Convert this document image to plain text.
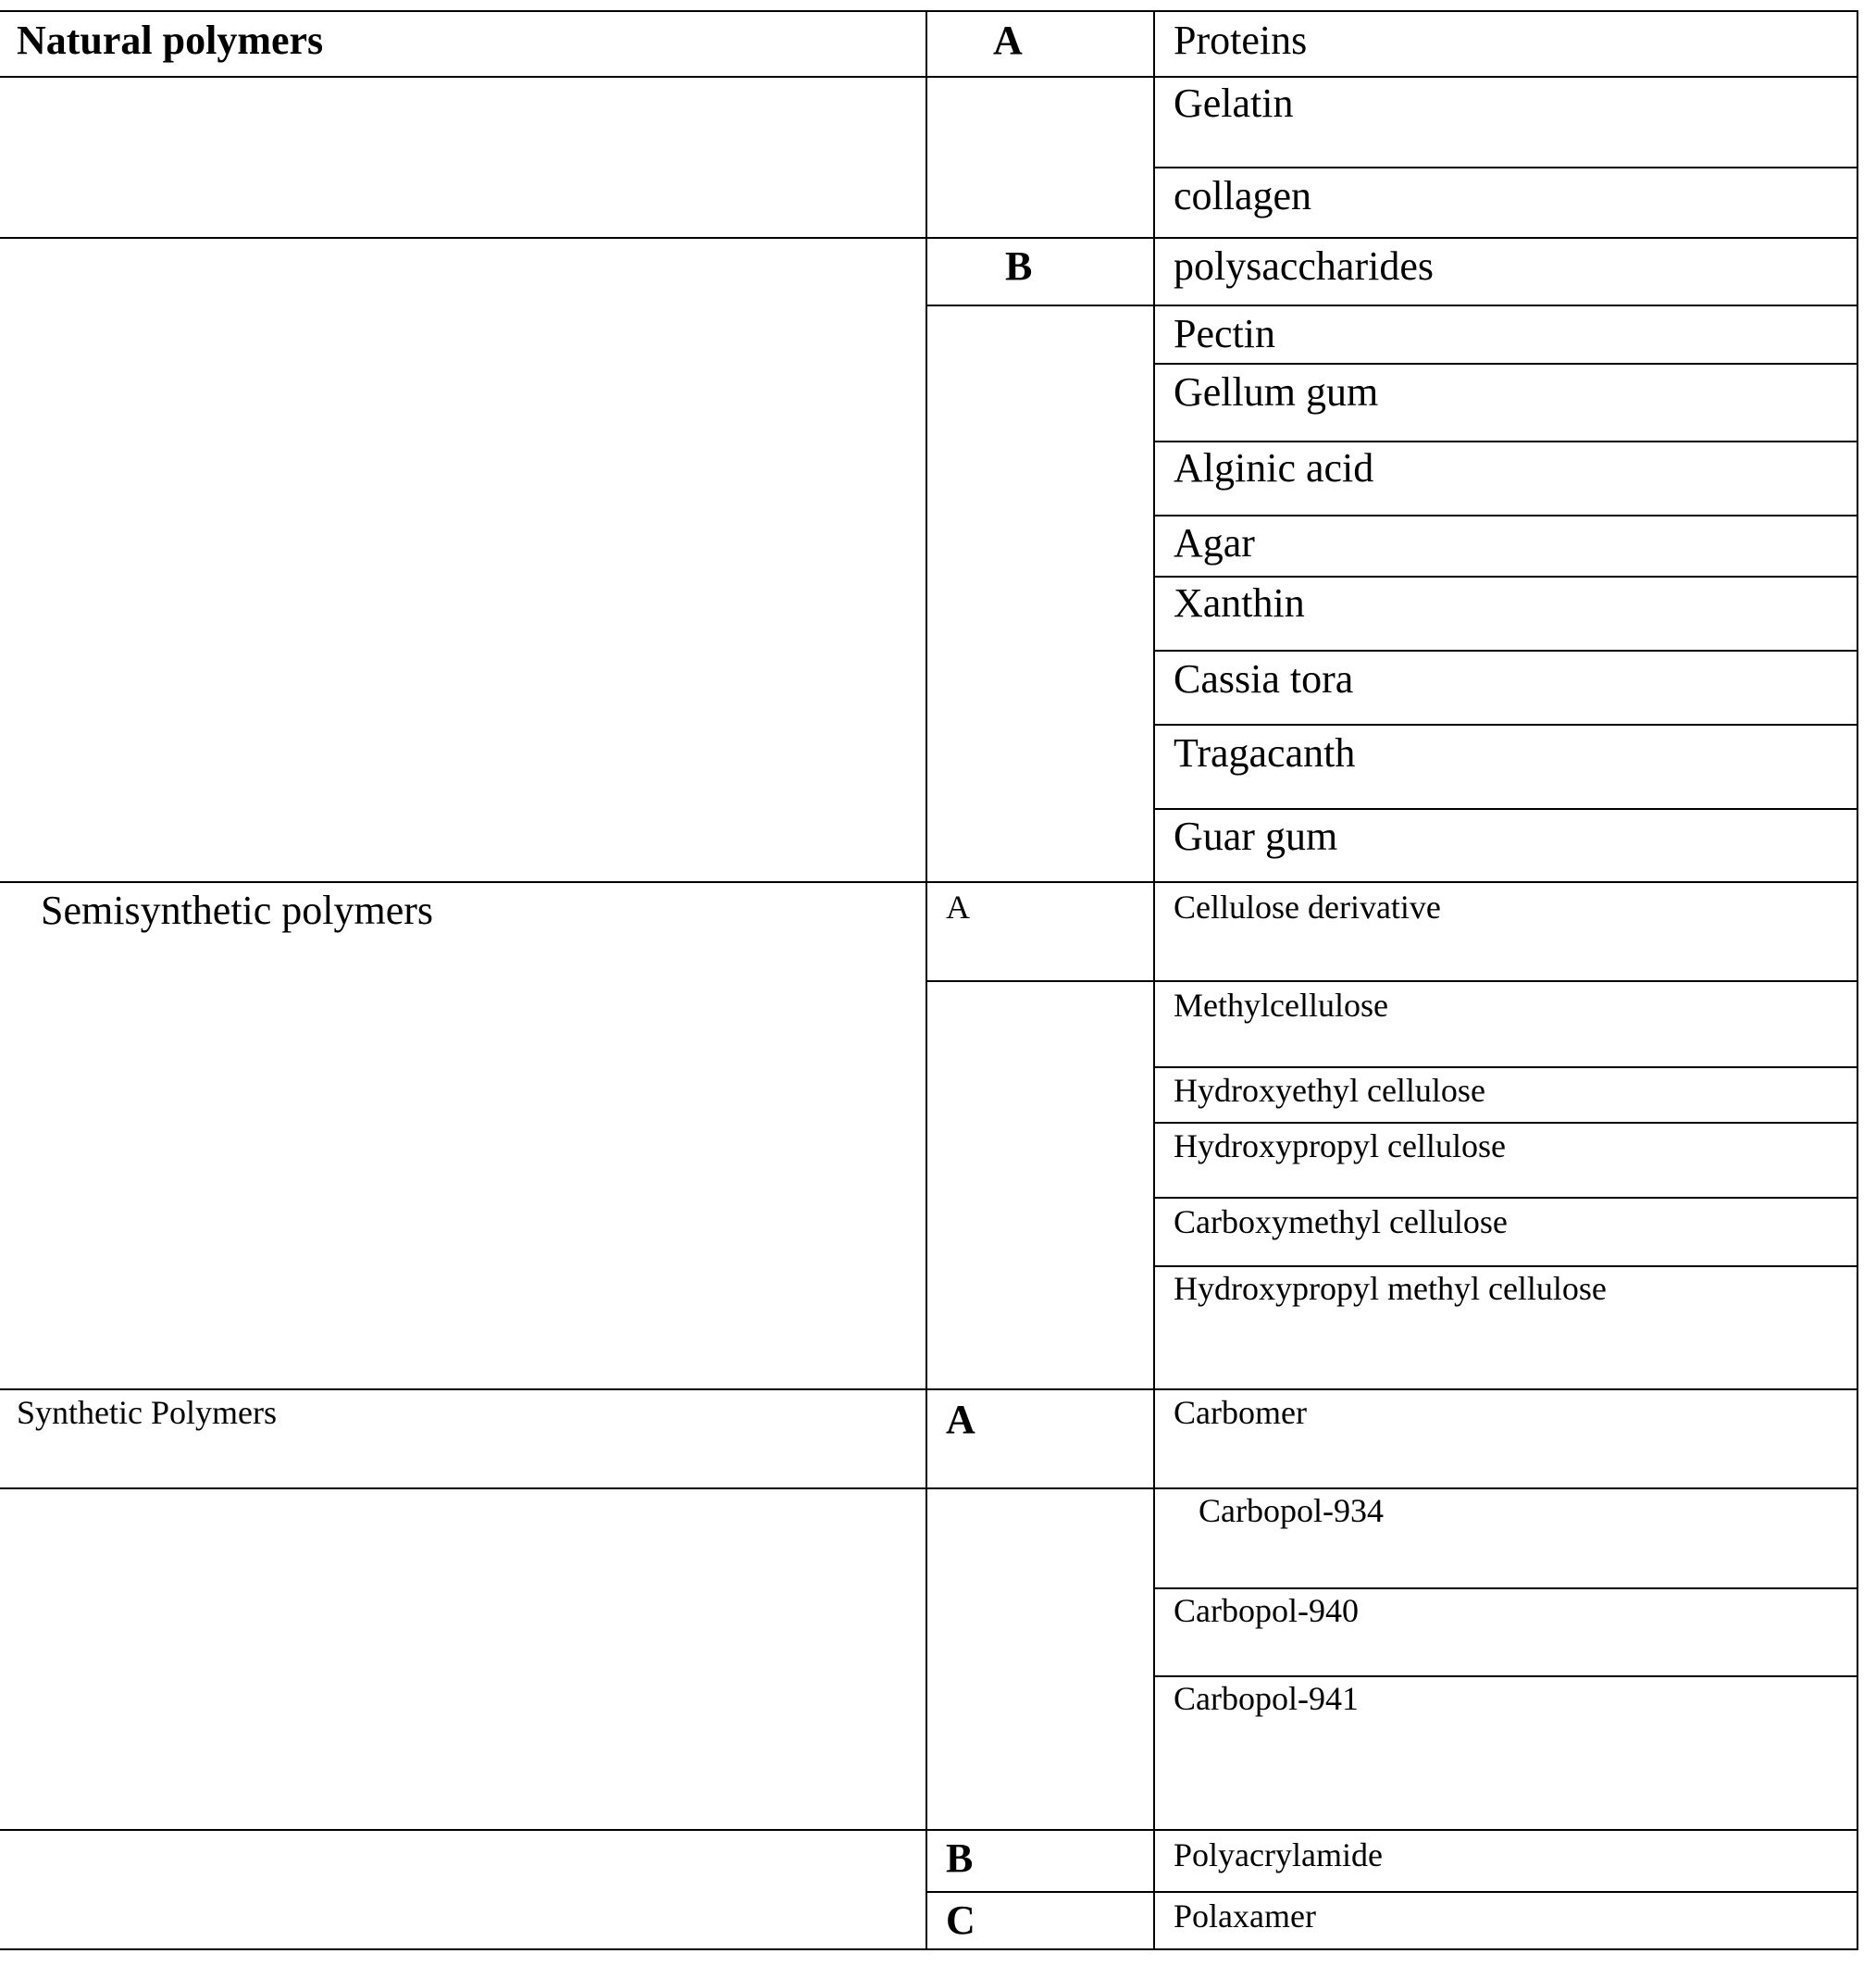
Natural polymers
Semisynthetic polymers
Synthetic Polymers
A
B
A
A
B
C
Proteins
Gelatin
collagen
polysaccharides
Pectin
Gellum gum
Alginic acid
Agar
Xanthin
Cassia tora
Tragacanth
Guar gum
Cellulose derivative
Methylcellulose
Hydroxyethyl cellulose
Hydroxypropyl cellulose
Carboxymethyl cellulose
Hydroxypropyl methyl cellulose
Carbomer
Carbopol-934
Carbopol-940
Carbopol-941
Polyacrylamide
Polaxamer
